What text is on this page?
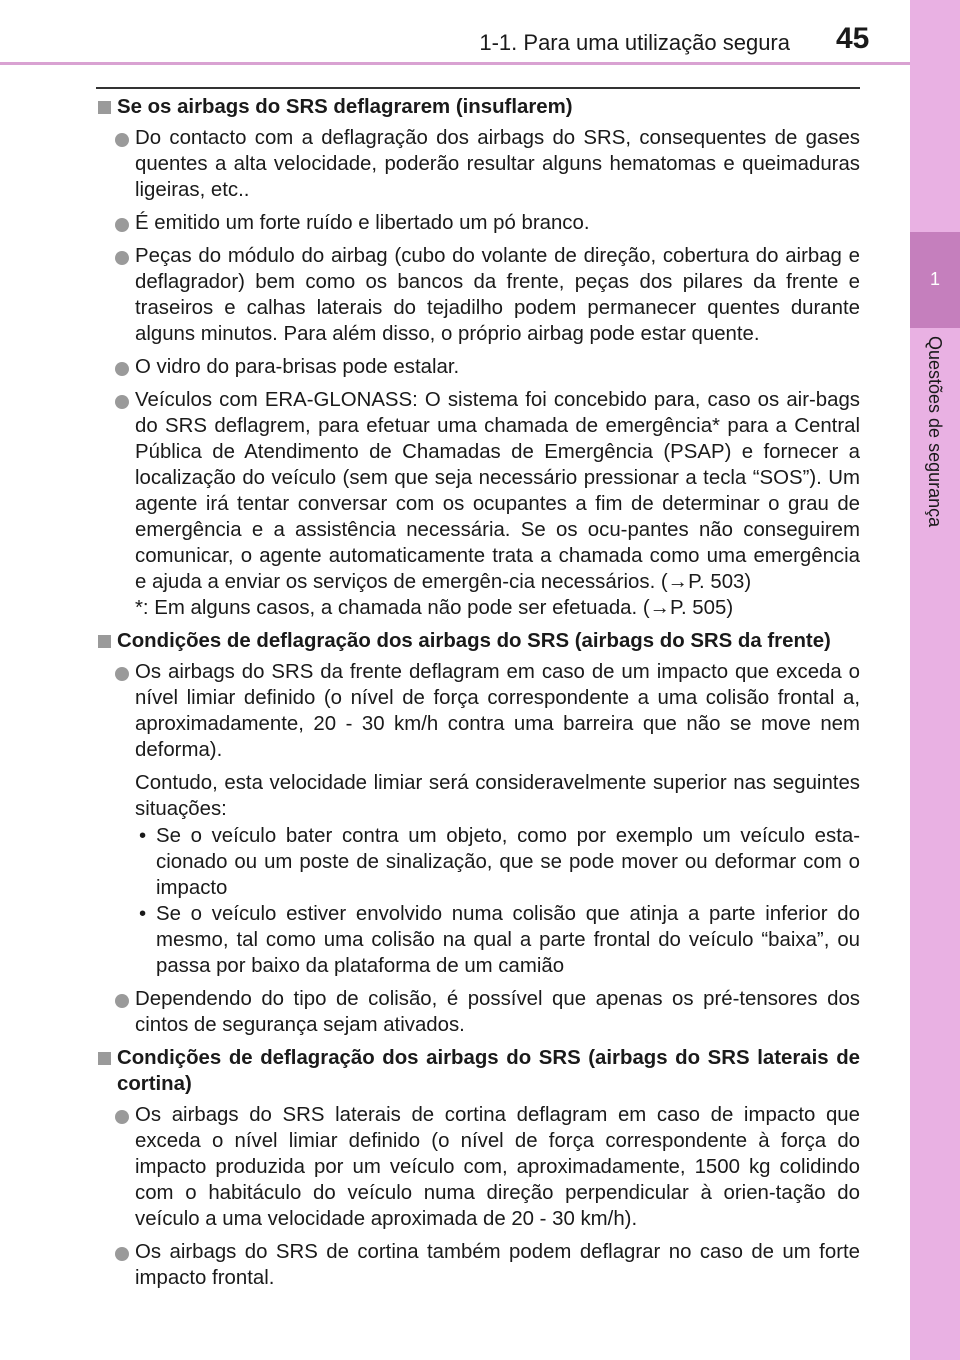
1-1. Para uma utilização segura 45
1
Questões de segurança
Se os airbags do SRS deflagrarem (insuflarem)

Do contacto com a deflagração dos airbags do SRS, consequentes de gases quentes a alta velocidade, poderão resultar alguns hematomas e queimaduras ligeiras, etc..

É emitido um forte ruído e libertado um pó branco.

Peças do módulo do airbag (cubo do volante de direção, cobertura do airbag e deflagrador) bem como os bancos da frente, peças dos pilares da frente e traseiros e calhas laterais do tejadilho podem permanecer quentes durante alguns minutos. Para além disso, o próprio airbag pode estar quente.

O vidro do para-brisas pode estalar.

Veículos com ERA-GLONASS: O sistema foi concebido para, caso os air-bags do SRS deflagrem, para efetuar uma chamada de emergência* para a Central Pública de Atendimento de Chamadas de Emergência (PSAP) e fornecer a localização do veículo (sem que seja necessário pressionar a tecla “SOS”). Um agente irá tentar conversar com os ocupantes a fim de determinar o grau de emergência e a assistência necessária. Se os ocu-pantes não conseguirem comunicar, o agente automaticamente trata a chamada como uma emergência e ajuda a enviar os serviços de emergên-cia necessários. (→P. 503)

*: Em alguns casos, a chamada não pode ser efetuada. (→P. 505)

Condições de deflagração dos airbags do SRS (airbags do SRS da frente)

Os airbags do SRS da frente deflagram em caso de um impacto que exceda o nível limiar definido (o nível de força correspondente a uma colisão frontal a, aproximadamente, 20 - 30 km/h contra uma barreira que não se move nem deforma).

Contudo, esta velocidade limiar será consideravelmente superior nas seguintes situações:

• Se o veículo bater contra um objeto, como por exemplo um veículo esta-cionado ou um poste de sinalização, que se pode mover ou deformar com o impacto
• Se o veículo estiver envolvido numa colisão que atinja a parte inferior do mesmo, tal como uma colisão na qual a parte frontal do veículo “baixa”, ou passa por baixo da plataforma de um camião

Dependendo do tipo de colisão, é possível que apenas os pré-tensores dos cintos de segurança sejam ativados.

Condições de deflagração dos airbags do SRS (airbags do SRS laterais de cortina)

Os airbags do SRS laterais de cortina deflagram em caso de impacto que exceda o nível limiar definido (o nível de força correspondente à força do impacto produzida por um veículo com, aproximadamente, 1500 kg colidindo com o habitáculo do veículo numa direção perpendicular à orien-tação do veículo a uma velocidade aproximada de 20 - 30 km/h).

Os airbags do SRS de cortina também podem deflagrar no caso de um forte impacto frontal.
